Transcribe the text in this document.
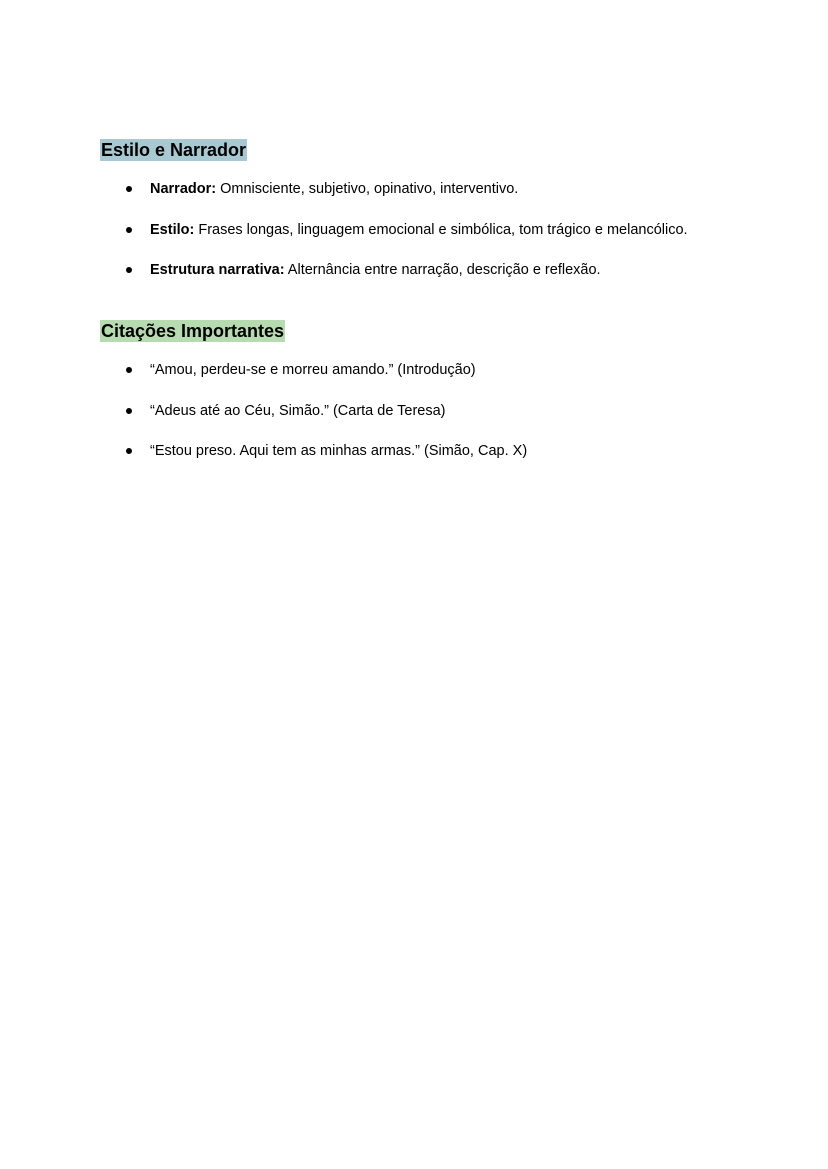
Estilo e Narrador
Narrador: Omnisciente, subjetivo, opinativo, interventivo.
Estilo: Frases longas, linguagem emocional e simbólica, tom trágico e melancólico.
Estrutura narrativa: Alternância entre narração, descrição e reflexão.
Citações Importantes
“Amou, perdeu-se e morreu amando.” (Introdução)
“Adeus até ao Céu, Simão.” (Carta de Teresa)
“Estou preso. Aqui tem as minhas armas.” (Simão, Cap. X)
